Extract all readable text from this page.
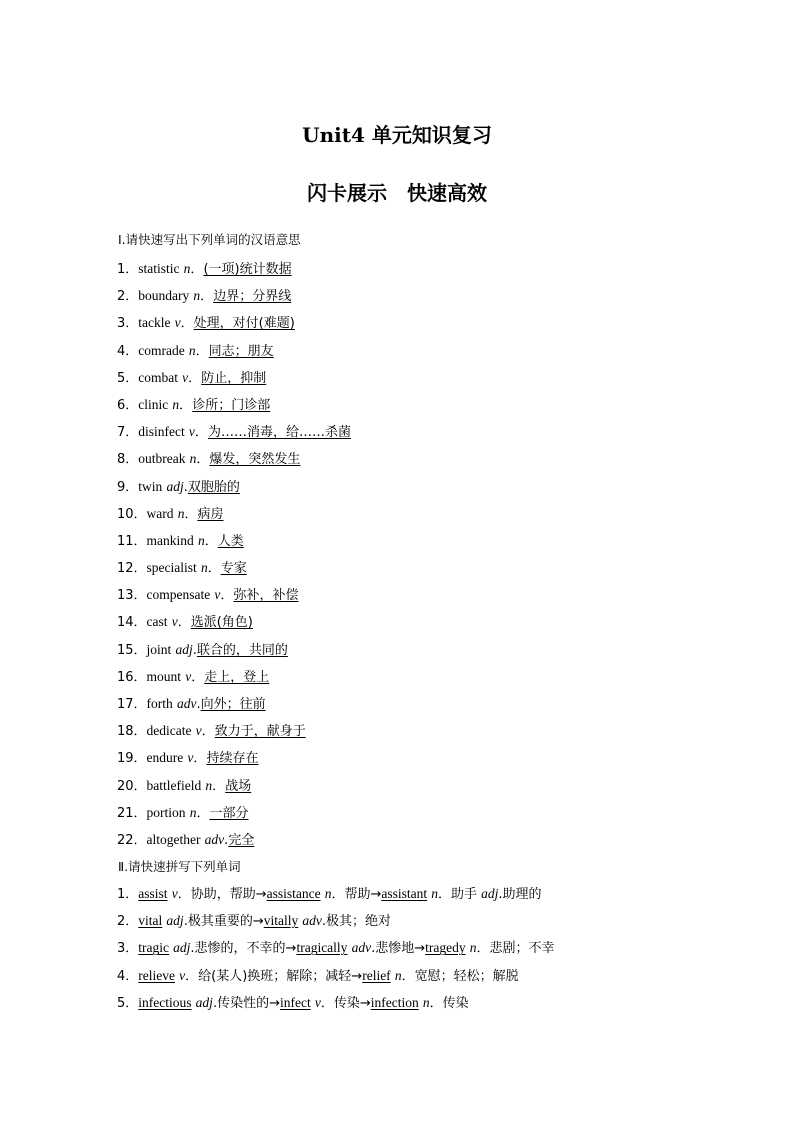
Unit4 单元知识复习
闪卡展示　快速高效
Ⅰ.请快速写出下列单词的汉语意思
1．statistic n．(一项)统计数据
2．boundary n．边界；分界线
3．tackle v．处理，对付(难题)
4．comrade n．同志；朋友
5．combat v．防止，抑制
6．clinic n．诊所；门诊部
7．disinfect v．为……消毒，给……杀菌
8．outbreak n．爆发，突然发生
9．twin adj.双胞胎的
10．ward n．病房
11．mankind n．人类
12．specialist n．专家
13．compensate v．弥补，补偿
14．cast v．选派(角色)
15．joint adj.联合的，共同的
16．mount v．走上，登上
17．forth adv.向外；往前
18．dedicate v．致力于，献身于
19．endure v．持续存在
20．battlefield n．战场
21．portion n．一部分
22．altogether adv.完全
Ⅱ.请快速拼写下列单词
1．assist v．协助，帮助→assistance n．帮助→assistant n．助手 adj.助理的
2．vital adj.极其重要的→vitally adv.极其；绝对
3．tragic adj.悲惨的，不幸的→tragically adv.悲惨地→tragedy n．悲剧；不幸
4．relieve v．给(某人)换班；解除；减轻→relief n．宽慰；轻松；解脱
5．infectious adj.传染性的→infect v．传染→infection n．传染
